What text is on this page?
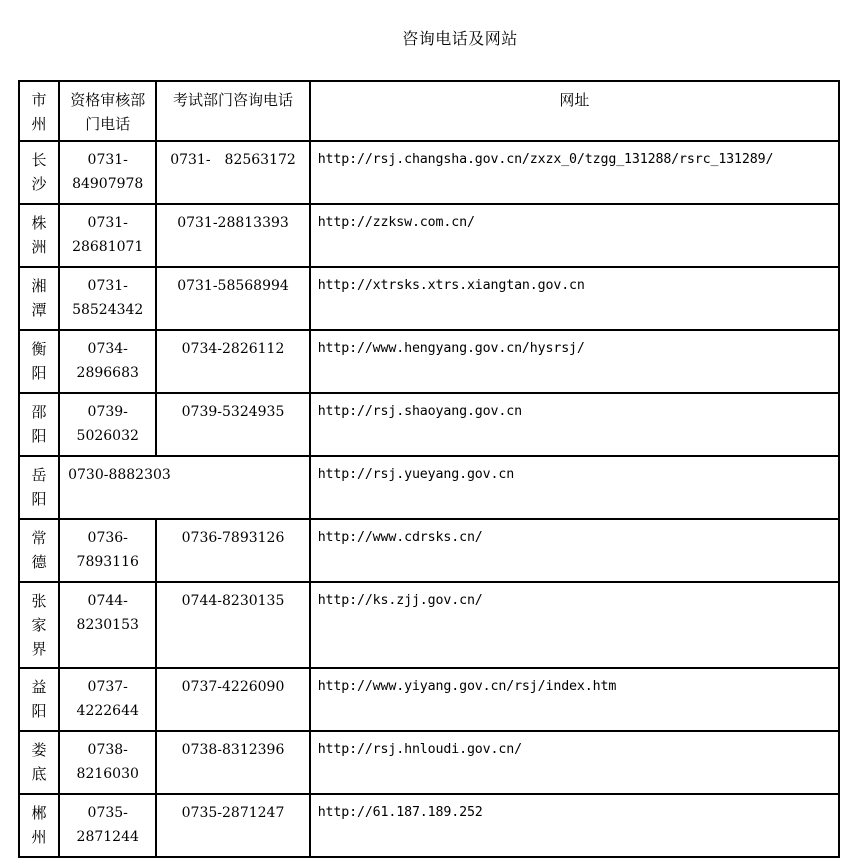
咨询电话及网站
市州	资格审核部门电话	考试部门咨询电话	网址

长沙	0731-84907978	0731-　82563172	http://rsj.changsha.gov.cn/zxzx_0/tzgg_131288/rsrc_131289/

株洲	0731-28681071	0731-28813393	http://zzksw.com.cn/

湘潭	0731-58524342	0731-58568994	http://xtrsks.xtrs.xiangtan.gov.cn

衡阳	0734-2896683	0734-2826112	http://www.hengyang.gov.cn/hysrsj/

邵阳	0739-5026032	0739-5324935	http://rsj.shaoyang.gov.cn

岳阳	0730-8882303		http://rsj.yueyang.gov.cn

常德	0736-7893116	0736-7893126	http://www.cdrsks.cn/

张家界	0744-8230153	0744-8230135	http://ks.zjj.gov.cn/

益阳	0737-4222644	0737-4226090	http://www.yiyang.gov.cn/rsj/index.htm

娄底	0738-8216030	0738-8312396	http://rsj.hnloudi.gov.cn/

郴州	0735-2871244	0735-2871247	http://61.187.189.252
